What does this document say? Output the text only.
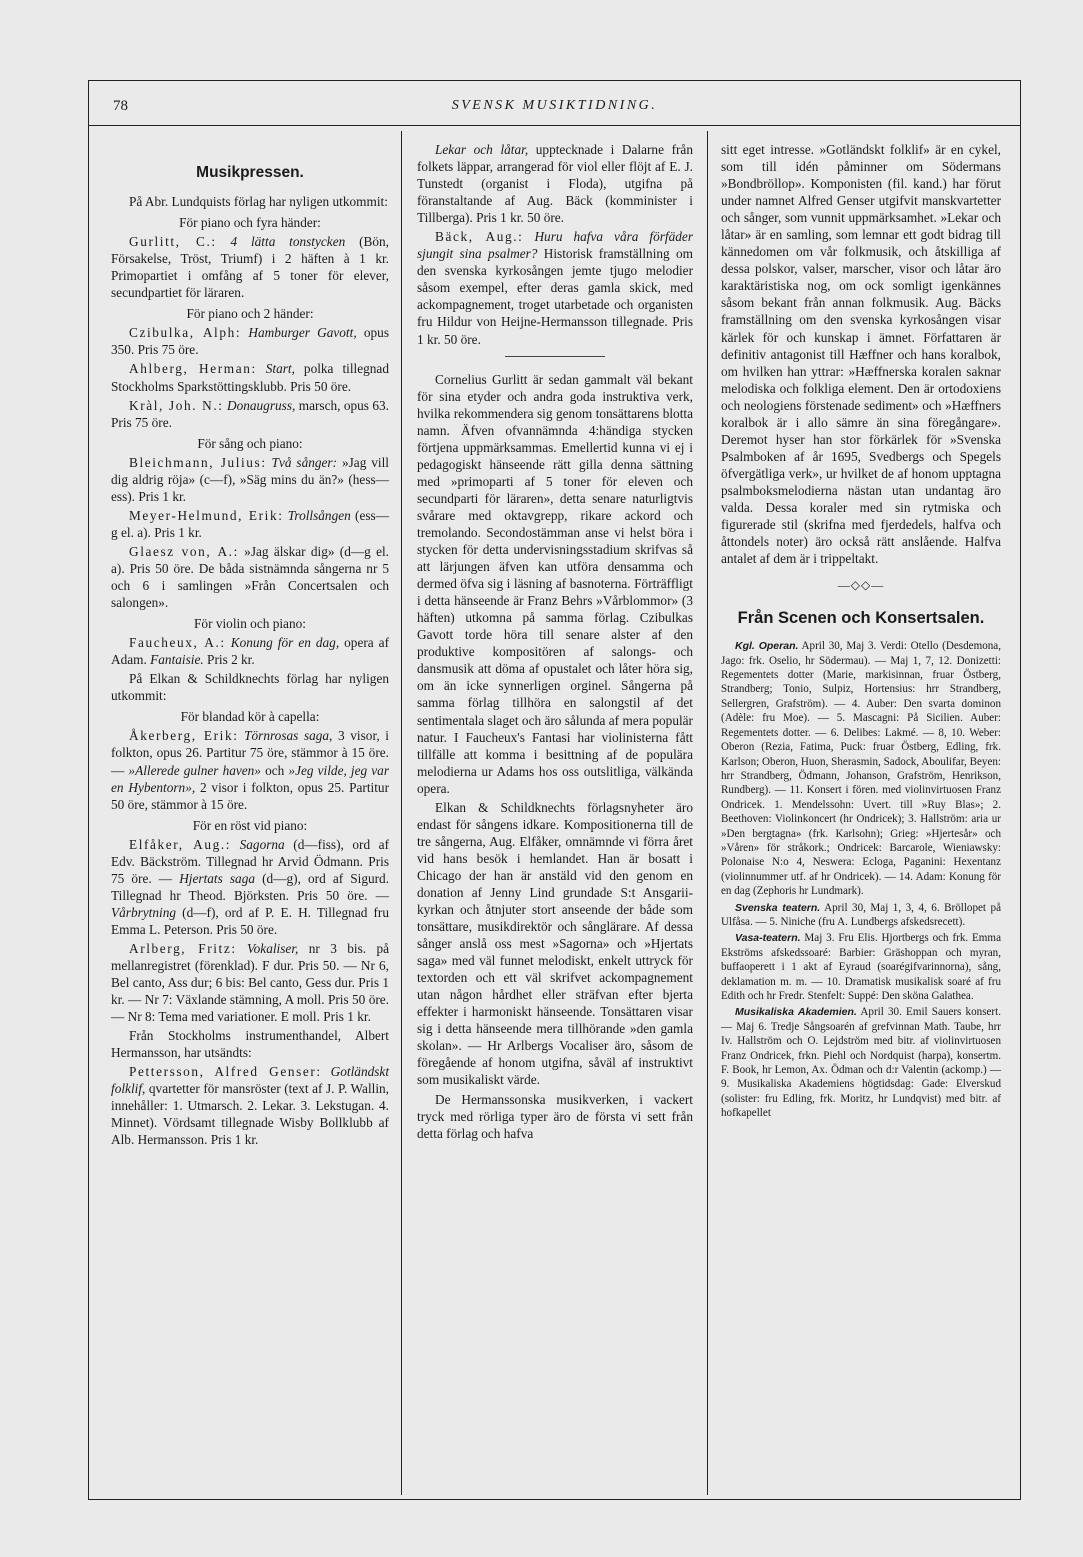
78	SVENSK MUSIKTIDNING.
Musikpressen.

På Abr. Lundquists förlag har nyligen utkommit:

För piano och fyra händer:

Gurlitt, C.: 4 lätta tonstycken (Bön, Försakelse, Tröst, Triumf) i 2 häften à 1 kr. Primopartiet i omfång af 5 toner för elever, secundpartiet för läraren.

För piano och 2 händer:

Czibulka, Alph: Hamburger Gavott, opus 350. Pris 75 öre.

Ahlberg, Herman: Start, polka tillegnad Stockholms Sparkstöttingsklubb. Pris 50 öre.

Kràl, Joh. N.: Donaugruss, marsch, opus 63. Pris 75 öre.

För sång och piano:

Bleichmann, Julius: Två sånger: »Jag vill dig aldrig röja» (c—f), »Säg mins du än?» (hess—ess). Pris 1 kr.

Meyer-Helmund, Erik: Trollsången (ess—g el. a). Pris 1 kr.

Glaesz von, A.: »Jag älskar dig» (d—g el. a). Pris 50 öre. De båda sistnämnda sångerna nr 5 och 6 i samlingen »Från Concertsalen och salongen».

För violin och piano:

Faucheux, A.: Konung för en dag, opera af Adam. Fantaisie. Pris 2 kr.

På Elkan & Schildknechts förlag har nyligen utkommit:

För blandad kör à capella:

Åkerberg, Erik: Törnrosas saga, 3 visor, i folkton, opus 26. Partitur 75 öre, stämmor à 15 öre. — »Allerede gulner haven» och »Jeg vilde, jeg var en Hybentorn», 2 visor i folkton, opus 25. Partitur 50 öre, stämmor à 15 öre.

För en röst vid piano:

Elfåker, Aug.: Sagorna (d—fiss), ord af Edv. Bäckström. Tillegnad hr Arvid Ödmann. Pris 75 öre. — Hjertats saga (d—g), ord af Sigurd. Tillegnad hr Theod. Björksten. Pris 50 öre. — Vårbrytning (d—f), ord af P. E. H. Tillegnad fru Emma L. Peterson. Pris 50 öre.

Arlberg, Fritz: Vokaliser, nr 3 bis. på mellanregistret (förenklad). F dur. Pris 50. — Nr 6, Bel canto, Ass dur; 6 bis: Bel canto, Gess dur. Pris 1 kr. — Nr 7: Växlande stämning, A moll. Pris 50 öre. — Nr 8: Tema med variationer. E moll. Pris 1 kr.

Från Stockholms instrumenthandel, Albert Hermansson, har utsändts:

Pettersson, Alfred Genser: Gotländskt folklif, qvartetter för mansröster (text af J. P. Wallin, innehåller: 1. Utmarsch. 2. Lekar. 3. Lekstugan. 4. Minnet). Vördsamt tillegnade Wisby Bollklubb af Alb. Hermansson. Pris 1 kr.

Lekar och låtar, upptecknade i Dalarne från folkets läppar, arrangerad för viol eller flöjt af E. J. Tunstedt (organist i Floda), utgifna på föranstaltande af Aug. Bäck (komminister i Tillberga). Pris 1 kr. 50 öre.

Bäck, Aug.: Huru hafva våra förfäder sjungit sina psalmer? Historisk framställning om den svenska kyrkosången jemte tjugo melodier såsom exempel, efter deras gamla skick, med ackompagnement, troget utarbetade och organisten fru Hildur von Heijne-Hermansson tillegnade. Pris 1 kr. 50 öre.

Cornelius Gurlitt är sedan gammalt väl bekant för sina etyder och andra goda instruktiva verk, hvilka rekommendera sig genom tonsättarens blotta namn. Äfven ofvannämnda 4:händiga stycken förtjena uppmärksammas. Emellertid kunna vi ej i pedagogiskt hänseende rätt gilla denna sättning med »primoparti af 5 toner för eleven och secundparti för läraren», detta senare naturligtvis svårare med oktavgrepp, rikare ackord och tremolando. Secondostämman anse vi helst böra i stycken för detta undervisningsstadium skrifvas så att lärjungen äfven kan utföra densamma och dermed öfva sig i läsning af basnoterna. Förträffligt i detta hänseende är Franz Behrs »Vårblommor» (3 häften) utkomna på samma förlag. Czibulkas Gavott torde höra till senare alster af den produktive kompositören af salongs- och dansmusik att döma af opustalet och låter höra sig, om än icke synnerligen orginel. Sångerna på samma förlag tillhöra en salongstil af det sentimentala slaget och äro sålunda af mera populär natur. I Faucheux's Fantasi har violinisterna fått tillfälle att komma i besittning af de populära melodierna ur Adams hos oss outslitliga, välkända opera.

Elkan & Schildknechts förlagsnyheter äro endast för sångens idkare. Kompositionerna till de tre sångerna, Aug. Elfåker, omnämnde vi förra året vid hans besök i hemlandet. Han är bosatt i Chicago der han är anstäld vid den genom en donation af Jenny Lind grundade S:t Ansgarii-kyrkan och åtnjuter stort anseende der både som tonsättare, musikdirektör och sånglärare. Af dessa sånger anslå oss mest »Sagorna» och »Hjertats saga» med väl funnet melodiskt, enkelt uttryck för textorden och ett väl skrifvet ackompagnement utan någon hårdhet eller sträfvan efter bjerta effekter i harmoniskt hänseende. Tonsättaren visar sig i detta hänseende mera tillhörande »den gamla skolan». — Hr Arlbergs Vocaliser äro, såsom de föregående af honom utgifna, såväl af instruktivt som musikaliskt värde.

De Hermanssonska musikverken, i vackert tryck med rörliga typer äro de första vi sett från detta förlag och hafva

sitt eget intresse. »Gotländskt folklif» är en cykel, som till idén påminner om Södermans »Bondbröllop». Komponisten (fil. kand.) har förut under namnet Alfred Genser utgifvit manskvartetter och sånger, som vunnit uppmärksamhet. »Lekar och låtar» är en samling, som lemnar ett godt bidrag till kännedomen om vår folkmusik, och åtskilliga af dessa polskor, valser, marscher, visor och låtar äro karaktäristiska nog, om ock somligt igenkännes såsom bekant från annan folkmusik. Aug. Bäcks framställning om den svenska kyrkosången visar kärlek för och kunskap i ämnet. Författaren är definitiv antagonist till Hæffner och hans koralbok, om hvilken han yttrar: »Hæffnerska koralen saknar melodiska och folkliga element. Den är ortodoxiens och neologiens förstenade sediment» och »Hæffners koralbok är i allo sämre än sina föregångare». Deremot hyser han stor förkärlek för »Svenska Psalmboken af år 1695, Svedbergs och Spegels öfvergätliga verk», ur hvilket de af honom upptagna psalmboksmelodierna nästan utan undantag äro valda. Dessa koraler med sin rytmiska och figurerade stil (skrifna med fjerdedels, halfva och åttondels noter) äro också rätt anslående. Halfva antalet af dem är i trippeltakt.

—◇◇—
Från Scenen och Konsertsalen.

Kgl. Operan. April 30, Maj 3. Verdi: Otello (Desdemona, Jago: frk. Oselio, hr Södermau). — Maj 1, 7, 12. Donizetti: Regementets dotter (Marie, markisinnan, fruar Östberg, Strandberg; Tonio, Sulpiz, Hortensius: hrr Strandberg, Sellergren, Grafström). — 4. Auber: Den svarta dominon (Adèle: fru Moe). — 5. Mascagni: På Sicilien. Auber: Regementets dotter. — 6. Delibes: Lakmé. — 8, 10. Weber: Oberon (Rezia, Fatima, Puck: fruar Östberg, Edling, frk. Karlson; Oberon, Huon, Sherasmin, Sadock, Aboulifar, Beyen: hrr Strandberg, Ödmann, Johanson, Grafström, Henrikson, Rundberg). — 11. Konsert i fören. med violinvirtuosen Franz Ondricek. 1. Mendelssohn: Uvert. till »Ruy Blas»; 2. Beethoven: Violinkoncert (hr Ondricek); 3. Hallström: aria ur »Den bergtagna» (frk. Karlsohn); Grieg: »Hjertesår» och »Våren» för stråkork.; Ondricek: Barcarole, Wieniawsky: Polonaise N:o 4, Neswera: Ecloga, Paganini: Hexentanz (violinnummer utf. af hr Ondricek). — 14. Adam: Konung för en dag (Zephoris hr Lundmark).

Svenska teatern. April 30, Maj 1, 3, 4, 6. Bröllopet på Ulfåsa. — 5. Niniche (fru A. Lundbergs afskedsrecett).

Vasa-teatern. Maj 3. Fru Elis. Hjortbergs och frk. Emma Ekströms afskedssoaré: Barbier: Gräshoppan och myran, buffaoperett i 1 akt af Eyraud (soarégifvarinnorna), sång, deklamation m. m. — 10. Dramatisk musikalisk soaré af fru Edith och hr Fredr. Stenfelt: Suppé: Den sköna Galathea.

Musikaliska Akademien. April 30. Emil Sauers konsert. — Maj 6. Tredje Sångsoarén af grefvinnan Math. Taube, hrr Iv. Hallström och O. Lejdström med bitr. af violinvirtuosen Franz Ondricek, frkn. Piehl och Nordquist (harpa), konsertm. F. Book, hr Lemon, Ax. Ödman och d:r Valentin (ackomp.) — 9. Musikaliska Akademiens högtidsdag: Gade: Elverskud (solister: fru Edling, frk. Moritz, hr Lundqvist) med bitr. af hofkapellet
